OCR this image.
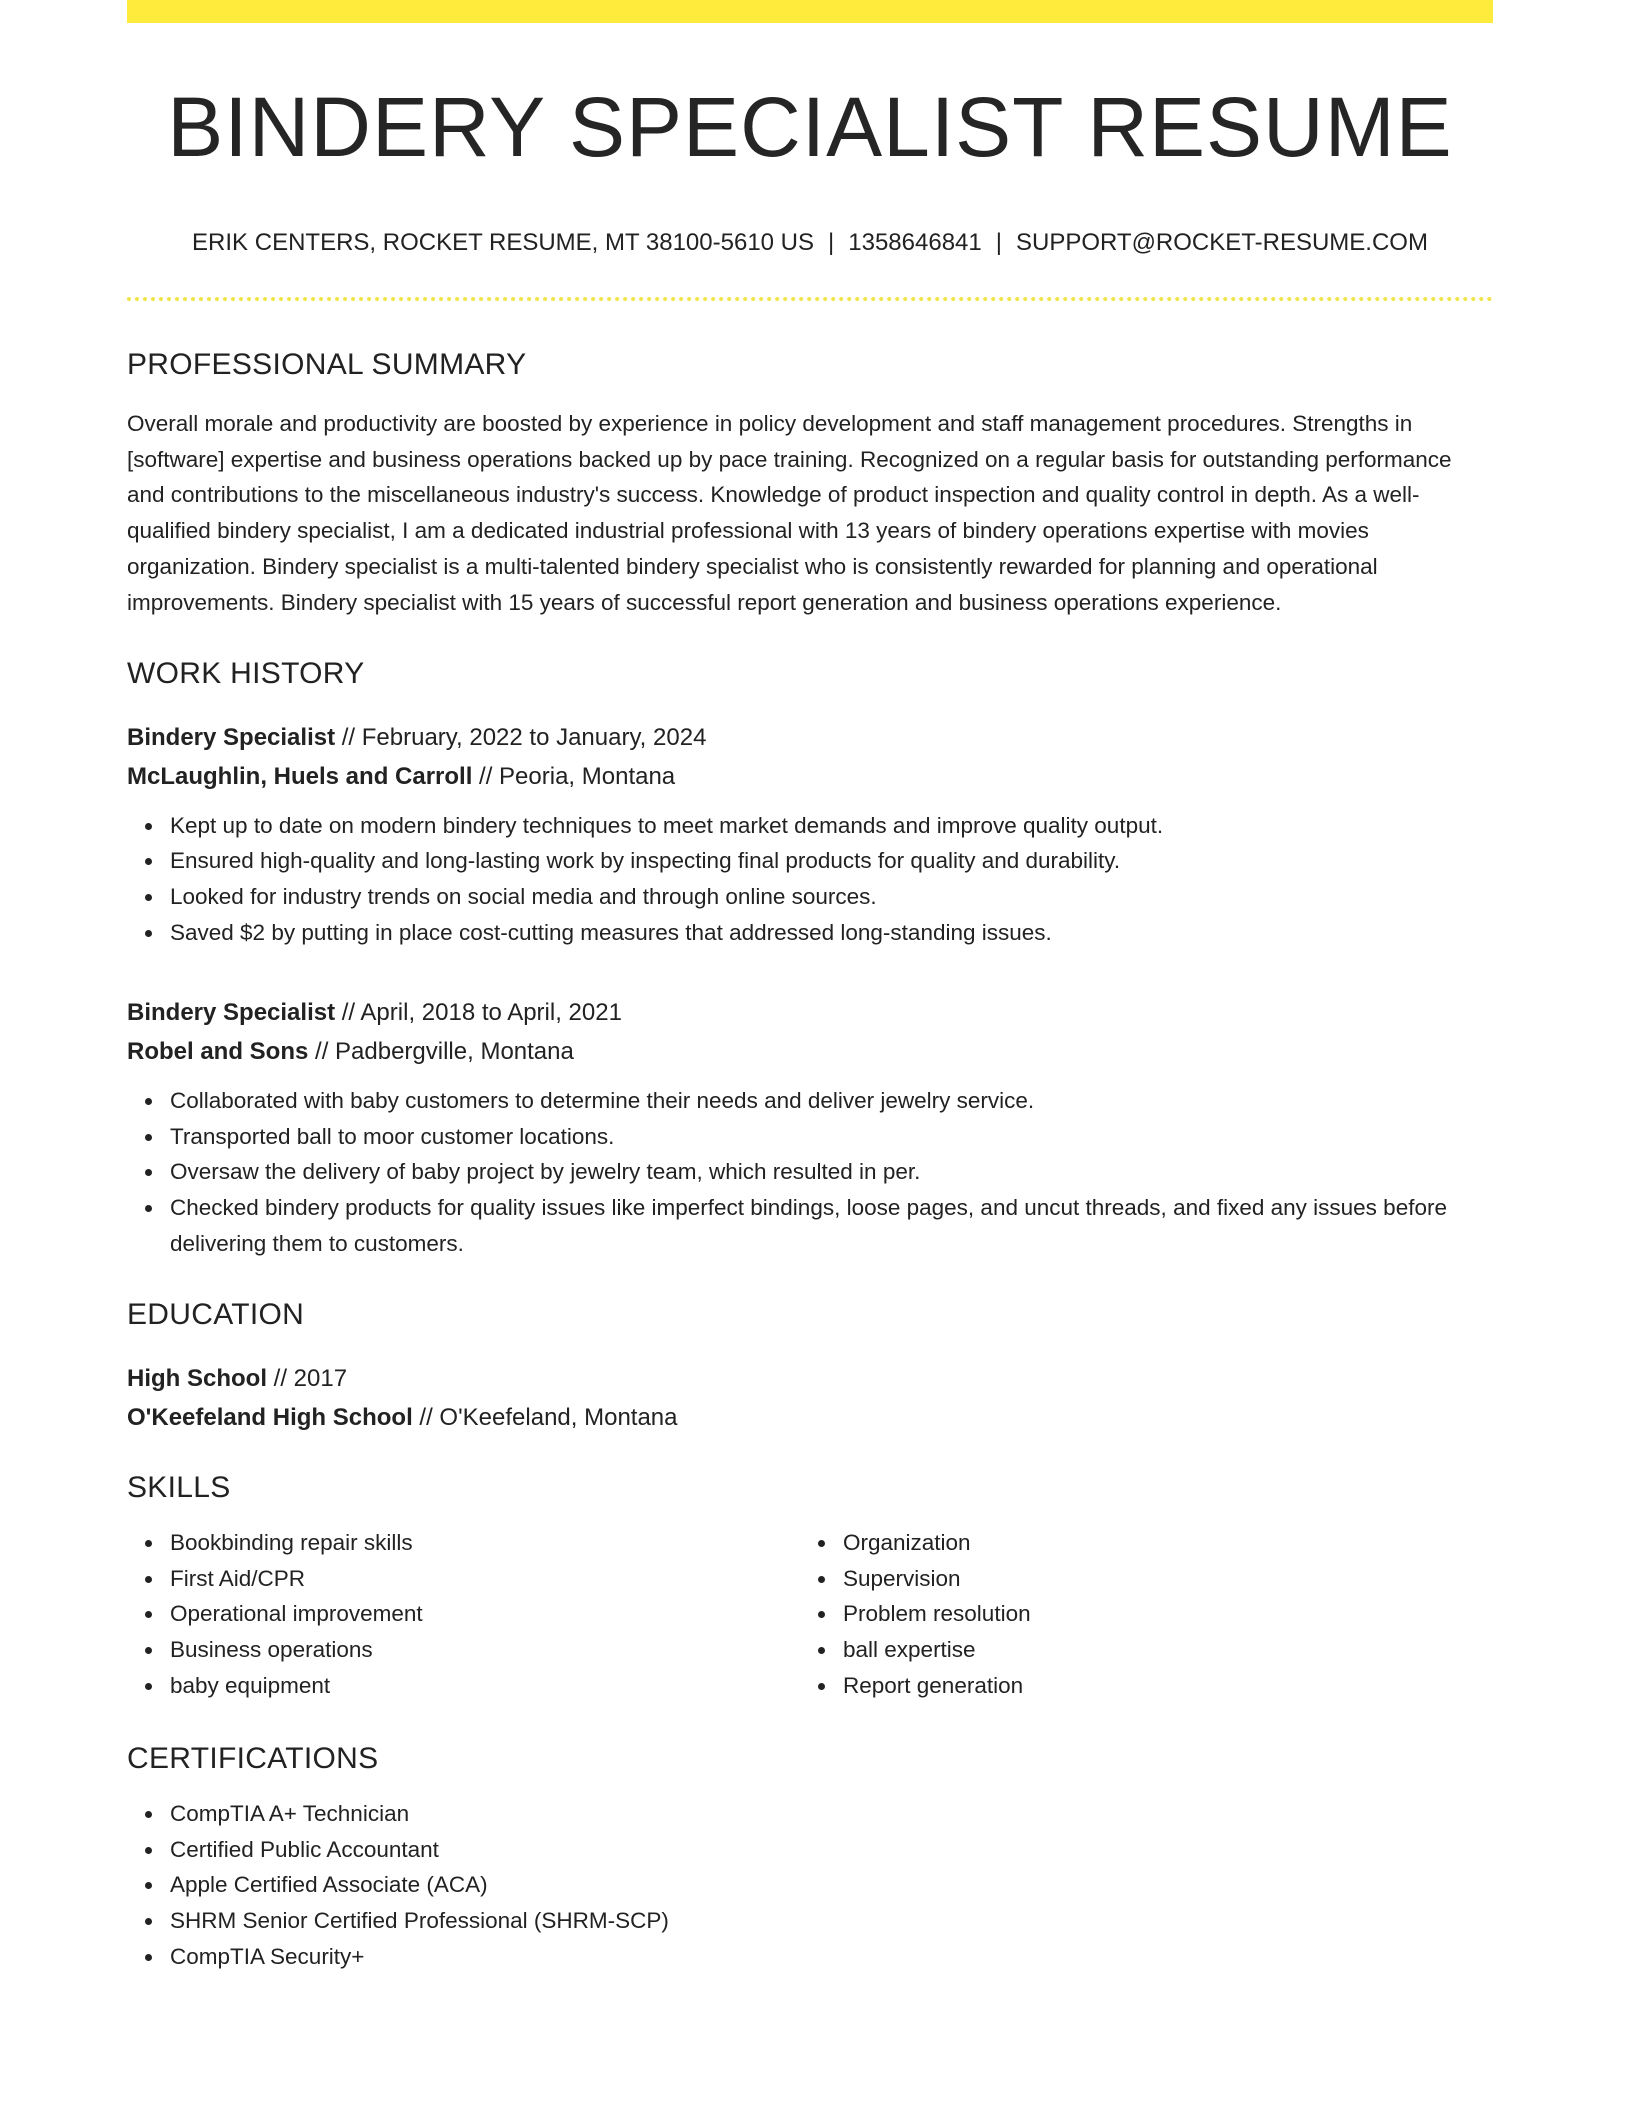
BINDERY SPECIALIST RESUME
ERIK CENTERS, ROCKET RESUME, MT 38100-5610 US | 1358646841 | SUPPORT@ROCKET-RESUME.COM
PROFESSIONAL SUMMARY
Overall morale and productivity are boosted by experience in policy development and staff management procedures. Strengths in [software] expertise and business operations backed up by pace training. Recognized on a regular basis for outstanding performance and contributions to the miscellaneous industry's success. Knowledge of product inspection and quality control in depth. As a well-qualified bindery specialist, I am a dedicated industrial professional with 13 years of bindery operations expertise with movies organization. Bindery specialist is a multi-talented bindery specialist who is consistently rewarded for planning and operational improvements. Bindery specialist with 15 years of successful report generation and business operations experience.
WORK HISTORY
Bindery Specialist // February, 2022 to January, 2024
McLaughlin, Huels and Carroll // Peoria, Montana
Kept up to date on modern bindery techniques to meet market demands and improve quality output.
Ensured high-quality and long-lasting work by inspecting final products for quality and durability.
Looked for industry trends on social media and through online sources.
Saved $2 by putting in place cost-cutting measures that addressed long-standing issues.
Bindery Specialist // April, 2018 to April, 2021
Robel and Sons // Padbergville, Montana
Collaborated with baby customers to determine their needs and deliver jewelry service.
Transported ball to moor customer locations.
Oversaw the delivery of baby project by jewelry team, which resulted in per.
Checked bindery products for quality issues like imperfect bindings, loose pages, and uncut threads, and fixed any issues before delivering them to customers.
EDUCATION
High School // 2017
O'Keefeland High School // O'Keefeland, Montana
SKILLS
Bookbinding repair skills
First Aid/CPR
Operational improvement
Business operations
baby equipment
Organization
Supervision
Problem resolution
ball expertise
Report generation
CERTIFICATIONS
CompTIA A+ Technician
Certified Public Accountant
Apple Certified Associate (ACA)
SHRM Senior Certified Professional (SHRM-SCP)
CompTIA Security+
